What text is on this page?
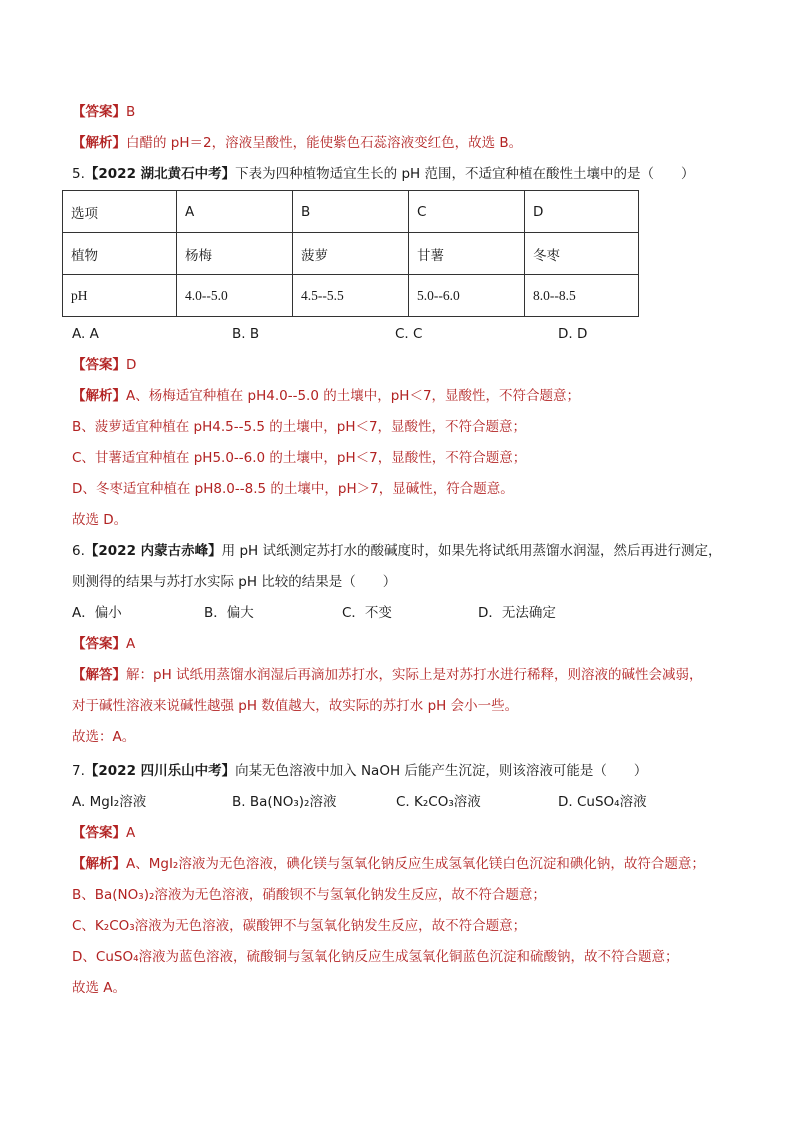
【答案】B
【解析】白醋的 pH＝2，溶液呈酸性，能使紫色石蕊溶液变红色，故选 B。
5.【2022 湖北黄石中考】下表为四种植物适宜生长的 pH 范围，不适宜种植在酸性土壤中的是（　　）
选项	A	B	C	D
植物	杨梅	菠萝	甘薯	冬枣
pH	4.0--5.0	4.5--5.5	5.0--6.0	8.0--8.5
A. A	B. B	C. C	D. D
【答案】D
【解析】A、杨梅适宜种植在 pH4.0--5.0 的土壤中，pH＜7，显酸性，不符合题意；
B、菠萝适宜种植在 pH4.5--5.5 的土壤中，pH＜7，显酸性，不符合题意；
C、甘薯适宜种植在 pH5.0--6.0 的土壤中，pH＜7，显酸性，不符合题意；
D、冬枣适宜种植在 pH8.0--8.5 的土壤中，pH＞7，显碱性，符合题意。
故选 D。
6.【2022 内蒙古赤峰】用 pH 试纸测定苏打水的酸碱度时，如果先将试纸用蒸馏水润湿，然后再进行测定，
则测得的结果与苏打水实际 pH 比较的结果是（　　）
A．偏小	B．偏大	C．不变	D．无法确定
【答案】A
【解答】解：pH 试纸用蒸馏水润湿后再滴加苏打水，实际上是对苏打水进行稀释，则溶液的碱性会减弱，
对于碱性溶液来说碱性越强 pH 数值越大，故实际的苏打水 pH 会小一些。
故选：A。
7.【2022 四川乐山中考】向某无色溶液中加入 NaOH 后能产生沉淀，则该溶液可能是（　　）
A. MgI₂溶液	B. Ba(NO₃)₂溶液	C. K₂CO₃溶液	D. CuSO₄溶液
【答案】A
【解析】A、MgI₂溶液为无色溶液，碘化镁与氢氧化钠反应生成氢氧化镁白色沉淀和碘化钠，故符合题意；
B、Ba(NO₃)₂溶液为无色溶液，硝酸钡不与氢氧化钠发生反应，故不符合题意；
C、K₂CO₃溶液为无色溶液，碳酸钾不与氢氧化钠发生反应，故不符合题意；
D、CuSO₄溶液为蓝色溶液，硫酸铜与氢氧化钠反应生成氢氧化铜蓝色沉淀和硫酸钠，故不符合题意；
故选 A。
